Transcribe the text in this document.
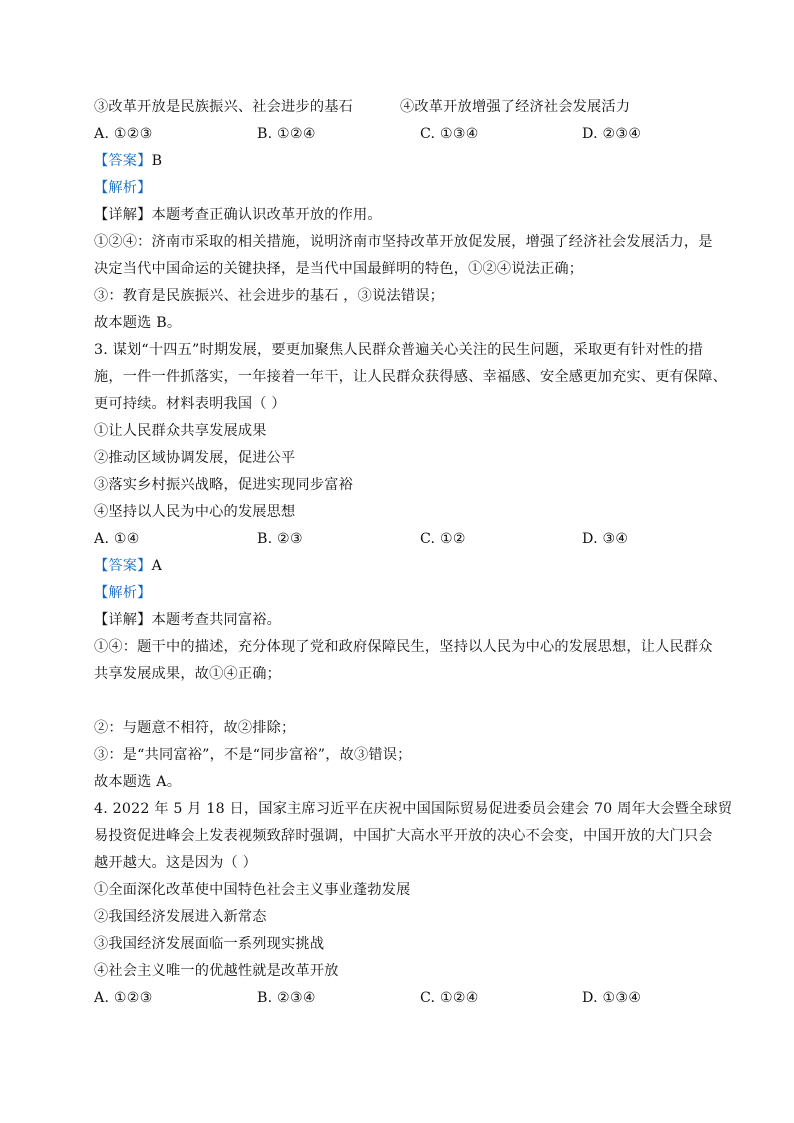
③改革开放是民族振兴、社会进步的基石	④改革开放增强了经济社会发展活力
A. ①②③	B. ①②④	C. ①③④	D. ②③④
【答案】B
【解析】
【详解】本题考查正确认识改革开放的作用。
①②④：济南市采取的相关措施，说明济南市坚持改革开放促发展，增强了经济社会发展活力，是
决定当代中国命运的关键抉择，是当代中国最鲜明的特色，①②④说法正确；
③：教育是民族振兴、社会进步的基石 ，③说法错误；
故本题选 B。
3. 谋划“十四五”时期发展，要更加聚焦人民群众普遍关心关注的民生问题，采取更有针对性的措
施，一件一件抓落实，一年接着一年干，让人民群众获得感、幸福感、安全感更加充实、更有保障、
更可持续。材料表明我国（ ）
①让人民群众共享发展成果
②推动区域协调发展，促进公平
③落实乡村振兴战略，促进实现同步富裕
④坚持以人民为中心的发展思想
A. ①④	B. ②③	C. ①②	D. ③④
【答案】A
【解析】
【详解】本题考查共同富裕。
①④：题干中的描述，充分体现了党和政府保障民生，坚持以人民为中心的发展思想，让人民群众
共享发展成果，故①④正确；
②：与题意不相符，故②排除；
③：是“共同富裕”，不是“同步富裕”，故③错误；
故本题选 A。
4. 2022 年 5 月 18 日，国家主席习近平在庆祝中国国际贸易促进委员会建会 70 周年大会暨全球贸
易投资促进峰会上发表视频致辞时强调，中国扩大高水平开放的决心不会变，中国开放的大门只会
越开越大。这是因为（ ）
①全面深化改革使中国特色社会主义事业蓬勃发展
②我国经济发展进入新常态
③我国经济发展面临一系列现实挑战
④社会主义唯一的优越性就是改革开放
A. ①②③	B. ②③④	C. ①②④	D. ①③④
